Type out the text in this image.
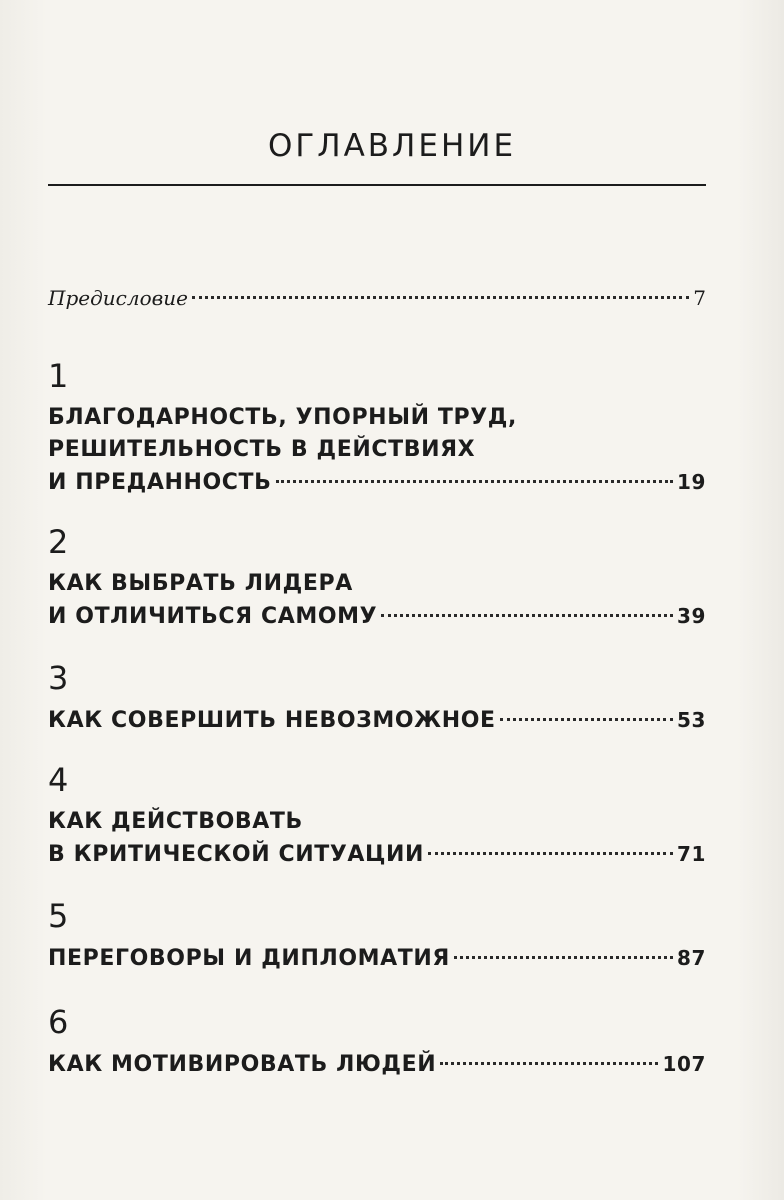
ОГЛАВЛЕНИЕ
Предисловие	7
1
БЛАГОДАРНОСТЬ, УПОРНЫЙ ТРУД,
РЕШИТЕЛЬНОСТЬ В ДЕЙСТВИЯХ
И ПРЕДАННОСТЬ	19
2
КАК ВЫБРАТЬ ЛИДЕРА
И ОТЛИЧИТЬСЯ САМОМУ	39
3
КАК СОВЕРШИТЬ НЕВОЗМОЖНОЕ	53
4
КАК ДЕЙСТВОВАТЬ
В КРИТИЧЕСКОЙ СИТУАЦИИ	71
5
ПЕРЕГОВОРЫ И ДИПЛОМАТИЯ	87
6
КАК МОТИВИРОВАТЬ ЛЮДЕЙ	107
